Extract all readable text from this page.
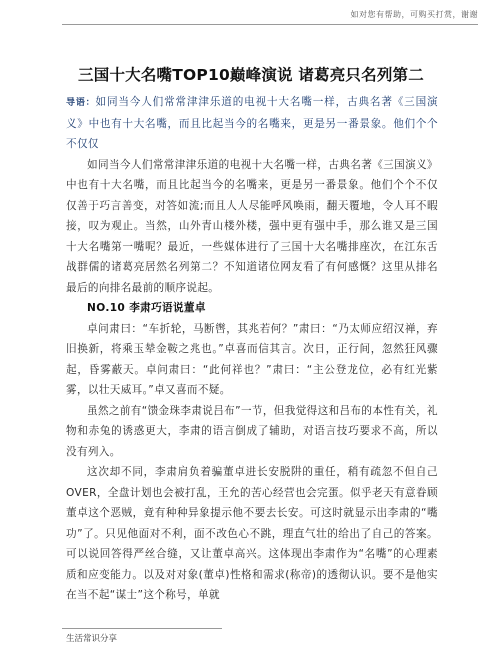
如对您有帮助，可购买打赏，谢谢
三国十大名嘴TOP10巅峰演说 诸葛亮只名列第二

导语：如同当今人们常常津津乐道的电视十大名嘴一样，古典名著《三国演义》中也有十大名嘴，而且比起当今的名嘴来，更是另一番景象。他们个个不仅仅

如同当今人们常常津津乐道的电视十大名嘴一样，古典名著《三国演义》中也有十大名嘴，而且比起当今的名嘴来，更是另一番景象。他们个个不仅仅善于巧言善变，对答如流;而且人人尽能呼风唤雨，翻天覆地，令人耳不暇接，叹为观止。当然，山外青山楼外楼，强中更有强中手，那么谁又是三国十大名嘴第一嘴呢？最近，一些媒体进行了三国十大名嘴排座次，在江东舌战群儒的诸葛亮居然名列第二？不知道诸位网友看了有何感慨？这里从排名最后的向排名最前的顺序说起。

NO.10 李肃巧语说董卓

卓问肃曰：“车折轮，马断辔，其兆若何？”肃曰：“乃太师应绍汉禅，弃旧换新，将乘玉辇金鞍之兆也。”卓喜而信其言。次日，正行间，忽然狂风骤起，昏雾蔽天。卓问肃曰：“此何祥也？”肃曰：“主公登龙位，必有红光紫雾，以壮天威耳。”卓又喜而不疑。

虽然之前有“馈金珠李肃说吕布”一节，但我觉得这和吕布的本性有关，礼物和赤兔的诱惑更大，李肃的语言倒成了辅助，对语言技巧要求不高，所以没有列入。

这次却不同，李肃肩负着骗董卓进长安脱阱的重任，稍有疏忽不但自己OVER，全盘计划也会被打乱，王允的苦心经营也会完蛋。似乎老天有意眷顾董卓这个恶贼，竟有种种异象提示他不要去长安。可这时就显示出李肃的“嘴功”了。只见他面对不利，面不改色心不跳，理直气壮的给出了自己的答案。可以说回答得严丝合缝，又让董卓高兴。这体现出李肃作为“名嘴”的心理素质和应变能力。以及对对象(董卓)性格和需求(称帝)的透彻认识。要不是他实在当不起“谋士”这个称号，单就

生活常识分享
